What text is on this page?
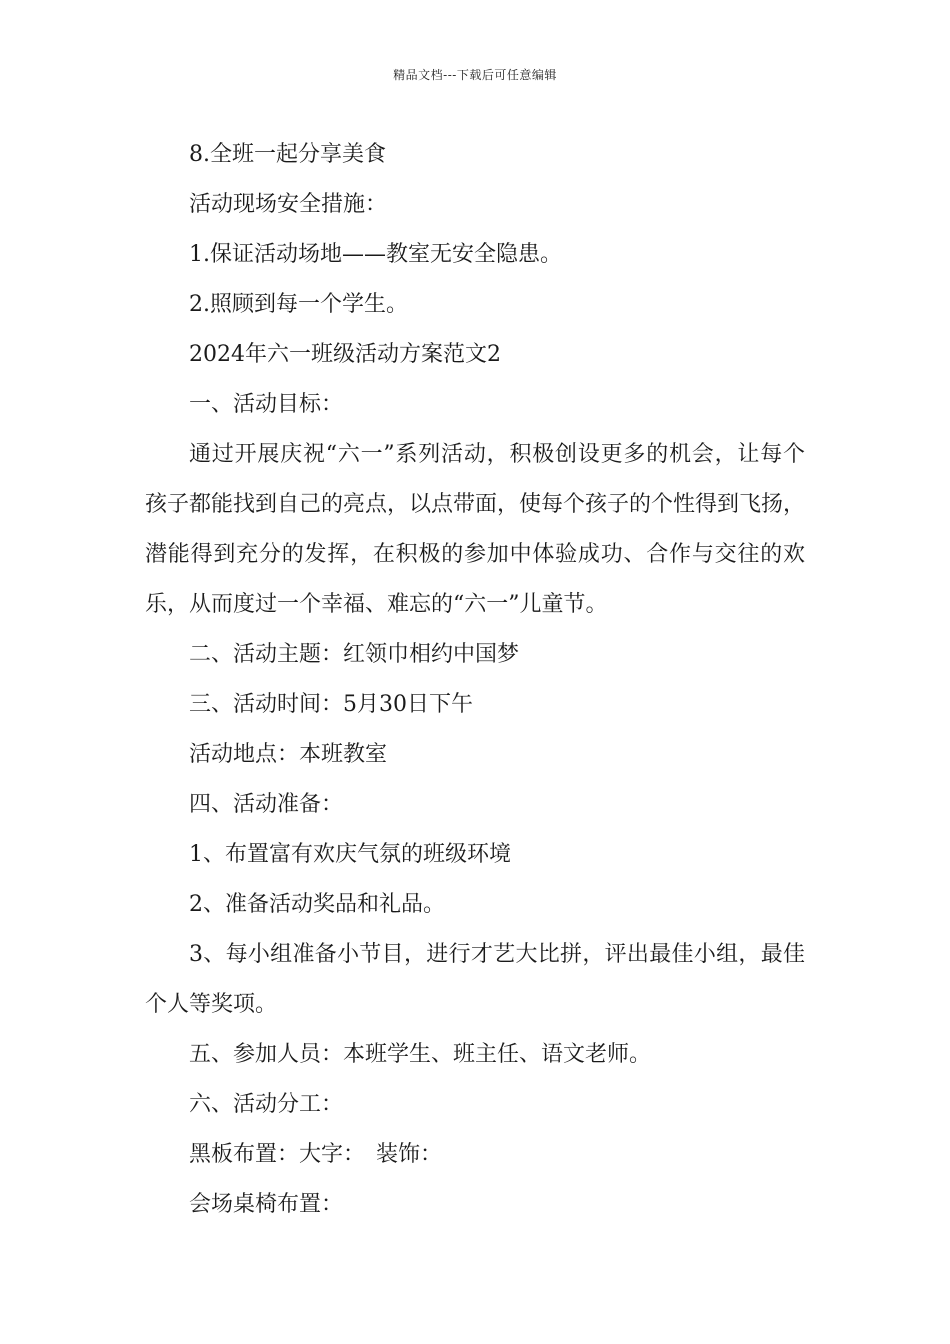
精品文档---下载后可任意编辑

8.全班一起分享美食

活动现场安全措施：

1.保证活动场地——教室无安全隐患。

2.照顾到每一个学生。

2024年六一班级活动方案范文2

一、活动目标：

通过开展庆祝“六一”系列活动，积极创设更多的机会，让每个孩子都能找到自己的亮点，以点带面，使每个孩子的个性得到飞扬，潜能得到充分的发挥，在积极的参加中体验成功、合作与交往的欢乐，从而度过一个幸福、难忘的“六一”儿童节。

二、活动主题：红领巾相约中国梦

三、活动时间：5月30日下午

活动地点：本班教室

四、活动准备：

1、布置富有欢庆气氛的班级环境

2、准备活动奖品和礼品。

3、每小组准备小节目，进行才艺大比拼，评出最佳小组，最佳个人等奖项。

五、参加人员：本班学生、班主任、语文老师。

六、活动分工：

黑板布置：大字：　装饰：

会场桌椅布置：
